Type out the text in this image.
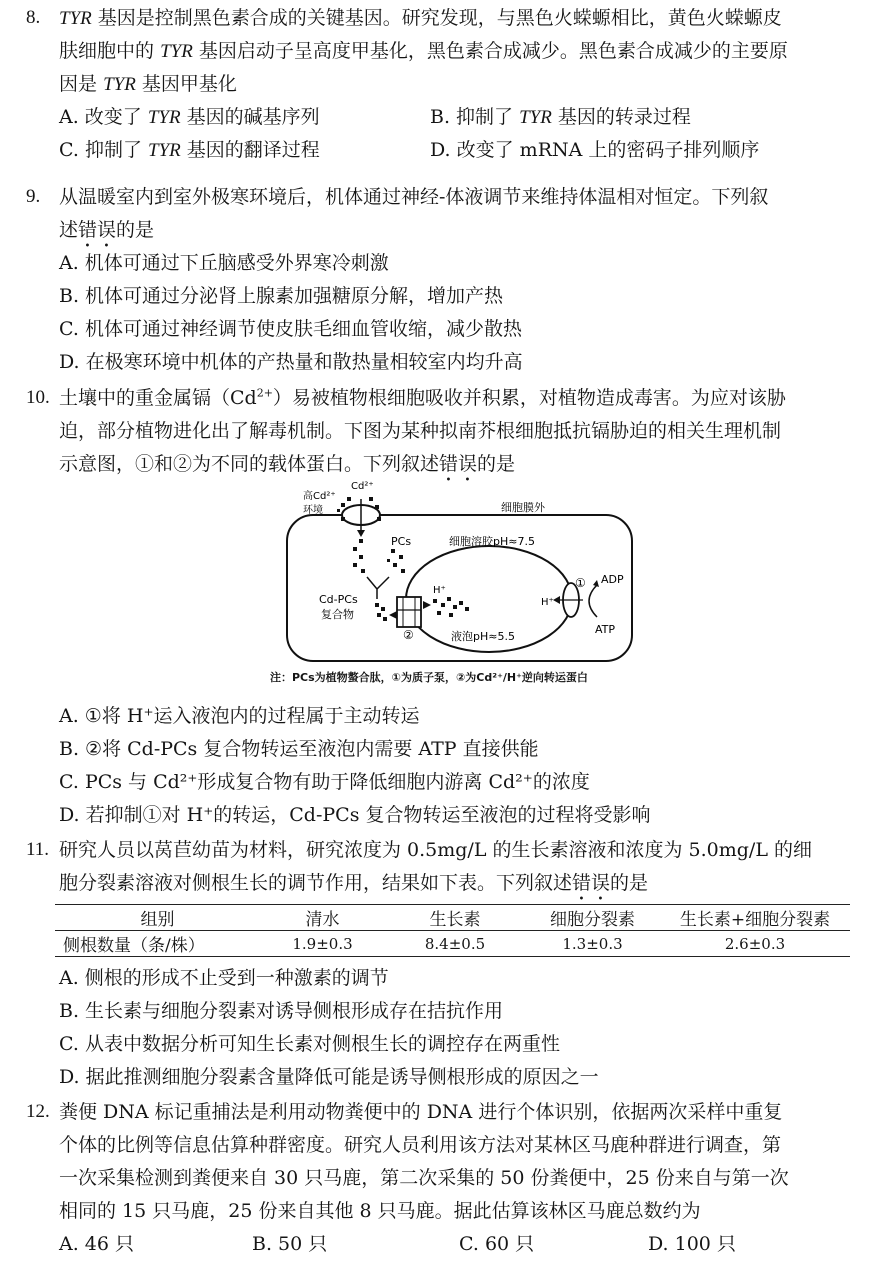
8. TYR 基因是控制黑色素合成的关键基因。研究发现，与黑色火蝾螈相比，黄色火蝾螈皮
肤细胞中的 TYR 基因启动子呈高度甲基化，黑色素合成减少。黑色素合成减少的主要原
因是 TYR 基因甲基化
A. 改变了 TYR 基因的碱基序列	B. 抑制了 TYR 基因的转录过程
C. 抑制了 TYR 基因的翻译过程	D. 改变了 mRNA 上的密码子排列顺序
9. 从温暖室内到室外极寒环境后，机体通过神经-体液调节来维持体温相对恒定。下列叙
述错误的是
A. 机体可通过下丘脑感受外界寒冷刺激
B. 机体可通过分泌肾上腺素加强糖原分解，增加产热
C. 机体可通过神经调节使皮肤毛细血管收缩，减少散热
D. 在极寒环境中机体的产热量和散热量相较室内均升高
10. 土壤中的重金属镉$(Cd^{2+})$易被植物根细胞吸收并积累，对植物造成毒害。为应对该胁
迫，部分植物进化出了解毒机制。下图为某种拟南芥根细胞抵抗镉胁迫的相关生理机制
示意图，①和②为不同的载体蛋白。下列叙述错误的是
高Cd²⁺
环境
Cd²⁺
细胞膜外
PCs	细胞溶胶pH≈7.5
Cd-PCs
复合物
H⁺
H⁺
ADP
ATP
液泡pH≈5.5
①
②
注：PCs为植物螯合肽，①为质子泵，②为Cd²⁺/H⁺逆向转运蛋白
A. ①将 H⁺运入液泡内的过程属于主动转运
B. ②将 Cd-PCs 复合物转运至液泡内需要 ATP 直接供能
C. PCs 与 Cd²⁺形成复合物有助于降低细胞内游离 Cd²⁺的浓度
D. 若抑制①对 H⁺的转运，Cd-PCs 复合物转运至液泡的过程将受影响
11. 研究人员以莴苣幼苗为材料，研究浓度为 0.5mg/L 的生长素溶液和浓度为 5.0mg/L 的细
胞分裂素溶液对侧根生长的调节作用，结果如下表。下列叙述错误的是
组别	清水	生长素	细胞分裂素	生长素+细胞分裂素
侧根数量（条/株）	1.9±0.3	8.4±0.5	1.3±0.3	2.6±0.3
A. 侧根的形成不止受到一种激素的调节
B. 生长素与细胞分裂素对诱导侧根形成存在拮抗作用
C. 从表中数据分析可知生长素对侧根生长的调控存在两重性
D. 据此推测细胞分裂素含量降低可能是诱导侧根形成的原因之一
12. 粪便 DNA 标记重捕法是利用动物粪便中的 DNA 进行个体识别，依据两次采样中重复
个体的比例等信息估算种群密度。研究人员利用该方法对某林区马鹿种群进行调查，第
一次采集检测到粪便来自 30 只马鹿，第二次采集的 50 份粪便中，25 份来自与第一次
相同的 15 只马鹿，25 份来自其他 8 只马鹿。据此估算该林区马鹿总数约为
A. 46 只	B. 50 只	C. 60 只	D. 100 只
